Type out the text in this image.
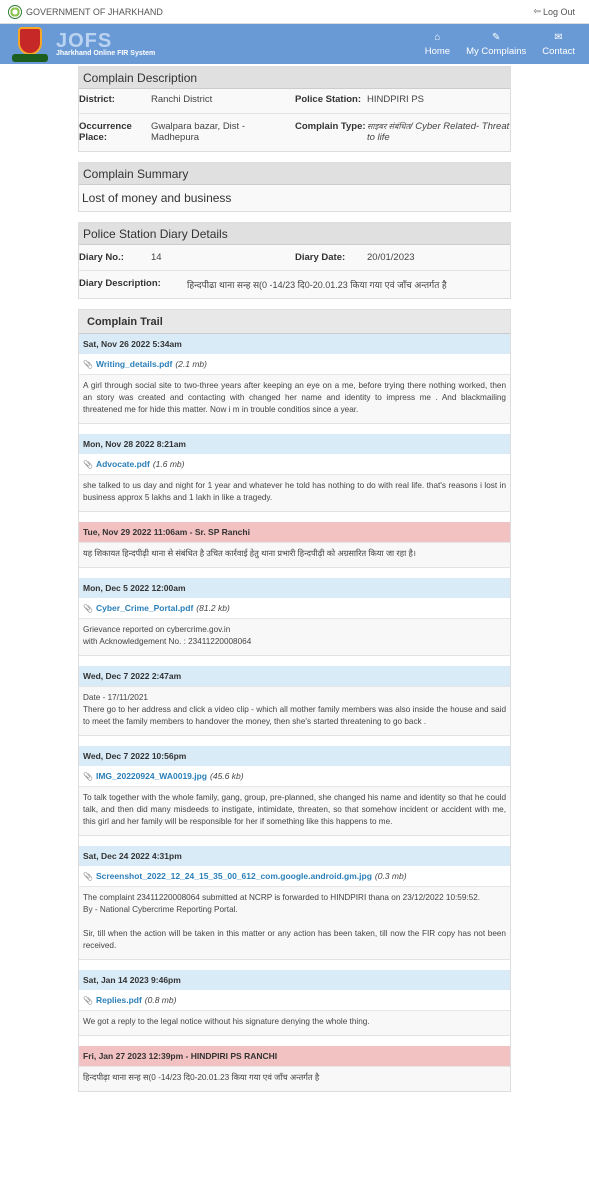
GOVERNMENT OF JHARKHAND	⇦ Log Out
JOFS
Jharkhand Online FIR System
⌂
Home
✎
My Complains
✉
Contact
Complain Description
District:	Ranchi District	Police Station: HINDPIRI PS
Occurrence Place:
Gwalpara bazar, Dist - Madhepura
Complain Type: साइबर संबंधित/ Cyber Related- Threat to life
Complain Summary
Lost of money and business
Police Station Diary Details
Diary No.:	14	Diary Date:	20/01/2023
Diary Description:	हिन्दपीढा थाना सन्ह स(0 -14/23 दि0-20.01.23 किया गया एवं जाँच अन्तर्गत है
Complain Trail
Sat, Nov 26 2022 5:34am
📎 Writing_details.pdf (2.1 mb)
A girl through social site to two-three years after keeping an eye on a me, before trying there nothing worked, then an story was created and contacting with changed her name and identity to impress me . And blackmailing threatened me for hide this matter. Now i m in trouble conditios since a year.
Mon, Nov 28 2022 8:21am
📎 Advocate.pdf (1.6 mb)
she talked to us day and night for 1 year and whatever he told has nothing to do with real life. that's reasons i lost in business approx 5 lakhs and 1 lakh in like a tragedy.
Tue, Nov 29 2022 11:06am - Sr. SP Ranchi
यह शिकायत हिन्दपीढ़ी थाना से संबंधित है उचित कार्रवाई हेतु थाना प्रभारी हिन्दपीढ़ी को अग्रसारित किया जा रहा है।
Mon, Dec 5 2022 12:00am
📎 Cyber_Crime_Portal.pdf (81.2 kb)
Grievance reported on cybercrime.gov.in
with Acknowledgement No. : 23411220008064
Wed, Dec 7 2022 2:47am
Date - 17/11/2021
There go to her address and click a video clip - which all mother family members was also inside the house and said to meet the family members to handover the money, then she's started threatening to go back .
Wed, Dec 7 2022 10:56pm
📎 IMG_20220924_WA0019.jpg (45.6 kb)
To talk together with the whole family, gang, group, pre-planned, she changed his name and identity so that he could talk, and then did many misdeeds to instigate, intimidate, threaten, so that somehow incident or accident with me, this girl and her family will be responsible for her if something like this happens to me.
Sat, Dec 24 2022 4:31pm
📎 Screenshot_2022_12_24_15_35_00_612_com.google.android.gm.jpg (0.3 mb)
The complaint 23411220008064 submitted at NCRP is forwarded to HINDPIRI thana on 23/12/2022 10:59:52.
By - National Cybercrime Reporting Portal.

Sir, till when the action will be taken in this matter or any action has been taken, till now the FIR copy has not been received.
Sat, Jan 14 2023 9:46pm
📎 Replies.pdf (0.8 mb)
We got a reply to the legal notice without his signature denying the whole thing.
Fri, Jan 27 2023 12:39pm - HINDPIRI PS RANCHI
हिन्दपीढ़ा थाना सन्ह स(0 -14/23 दि0-20.01.23 किया गया एवं जाँच अन्तर्गत है
